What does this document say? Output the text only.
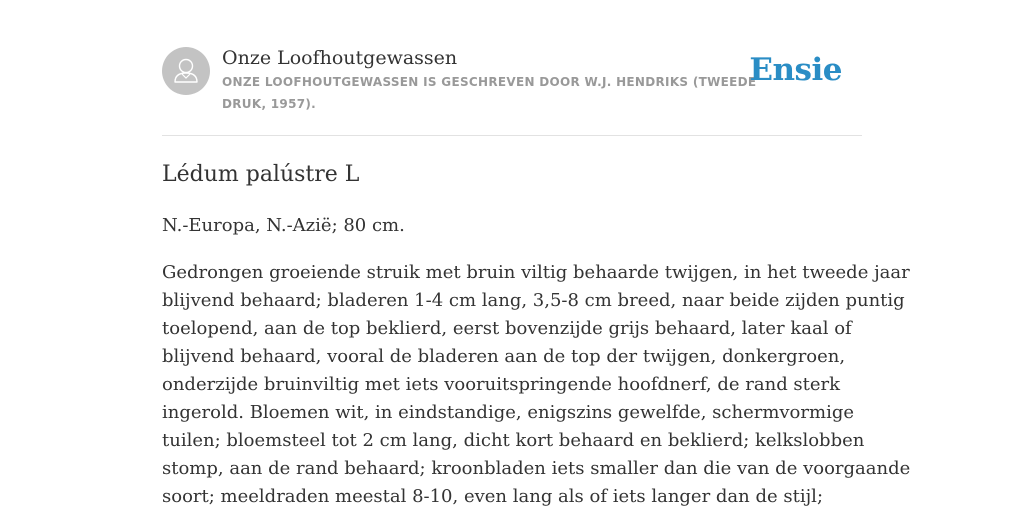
Onze Loofhoutgewassen
ONZE LOOFHOUTGEWASSEN IS GESCHREVEN DOOR W.J. HENDRIKS (TWEEDE DRUK, 1957).
Ensie
Lédum palústre L

N.-Europa, N.-Azië; 80 cm.

Gedrongen groeiende struik met bruin viltig behaarde twijgen, in het tweede jaar
blijvend behaard; bladeren 1-4 cm lang, 3,5-8 cm breed, naar beide zijden puntig
toelopend, aan de top beklierd, eerst bovenzijde grijs behaard, later kaal of
blijvend behaard, vooral de bladeren aan de top der twijgen, donkergroen,
onderzijde bruinviltig met iets vooruitspringende hoofdnerf, de rand sterk
ingerold. Bloemen wit, in eindstandige, enigszins gewelfde, schermvormige
tuilen; bloemsteel tot 2 cm lang, dicht kort behaard en beklierd; kelkslobben
stomp, aan de rand behaard; kroonbladen iets smaller dan die van de voorgaande
soort; meeldraden meestal 8-10, even lang als of iets langer dan de stijl;
